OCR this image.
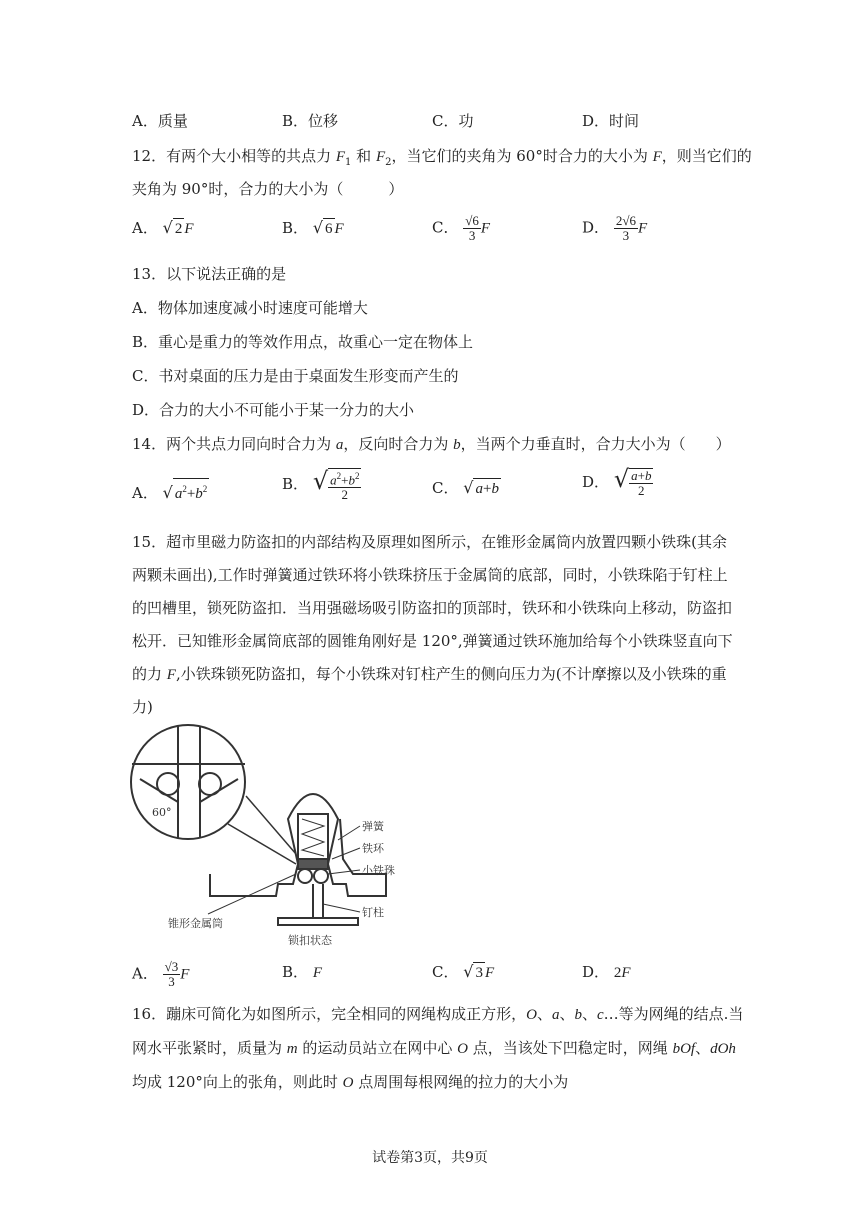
A．质量	B．位移	C．功	D．时间
12．有两个大小相等的共点力 $F_1$ 和 $F_2$，当它们的夹角为 60°时合力的大小为 F，则当它们的
夹角为 90°时，合力的大小为（　　　）
A． √ 2 F	B． √ 6 F	C． $\frac{√6}{3}$ F	D． $\frac{2√6}{3}$ F
13．以下说法正确的是
A．物体加速度减小时速度可能增大
B．重心是重力的等效作用点，故重心一定在物体上
C．书对桌面的压力是由于桌面发生形变而产生的
D．合力的大小不可能小于某一分力的大小
14．两个共点力同向时合力为 a，反向时合力为 b，当两个力垂直时，合力大小为（　　）
A． √ $a^2+b^2$	B． √ $\frac{a^2+b^2}{2}$	C． √ a+b	D． √ $\frac{a+b}{2}$
15．超市里磁力防盗扣的内部结构及原理如图所示，在锥形金属筒内放置四颗小铁珠(其余
两颗未画出),工作时弹簧通过铁环将小铁珠挤压于金属筒的底部，同时，小铁珠陷于钉柱上
的凹槽里，锁死防盗扣．当用强磁场吸引防盗扣的顶部时，铁环和小铁珠向上移动，防盗扣
松开．已知锥形金属筒底部的圆锥角刚好是 120°,弹簧通过铁环施加给每个小铁珠竖直向下
的力 F,小铁珠锁死防盗扣，每个小铁珠对钉柱产生的侧向压力为(不计摩擦以及小铁珠的重
力)
60°
弹簧
铁环
小铁珠
锥形金属筒
钉柱
锁扣状态
A． $\frac{√3}{3}$ F	B． F	C． √ 3 F	D． 2F
16．蹦床可简化为如图所示，完全相同的网绳构成正方形，O、a、b、c…等为网绳的结点.当
网水平张紧时，质量为 m 的运动员站立在网中心 O 点，当该处下凹稳定时，网绳 bOf、dOh
均成 120°向上的张角，则此时 O 点周围每根网绳的拉力的大小为
试卷第3页，共9页
